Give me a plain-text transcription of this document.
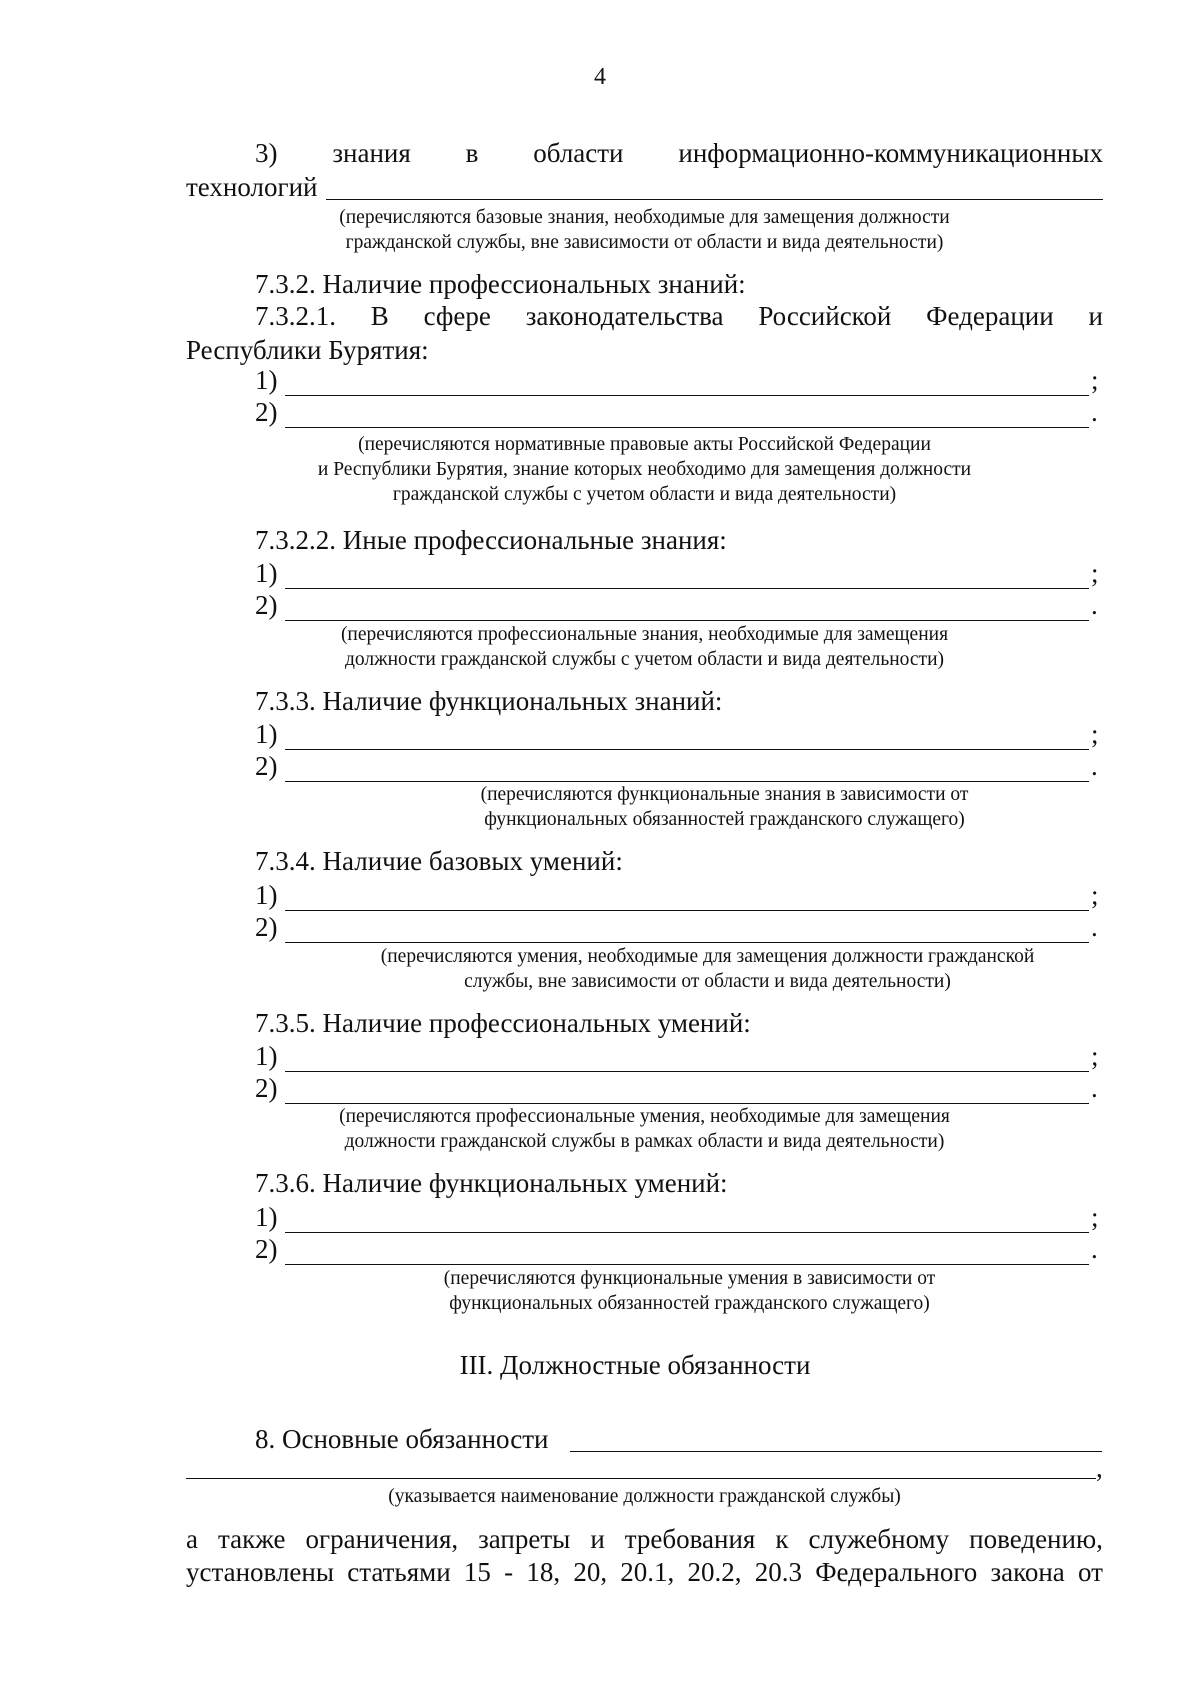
4
3) знания в области информационно-коммуникационных
технологий
(перечисляются базовые знания, необходимые для замещения должности
гражданской службы, вне зависимости от области и вида деятельности)
7.3.2. Наличие профессиональных знаний:
7.3.2.1. В сфере законодательства Российской Федерации и
Республики Бурятия:
1)	;
2)	.
(перечисляются нормативные правовые акты Российской Федерации
и Республики Бурятия, знание которых необходимо для замещения должности
гражданской службы с учетом области и вида деятельности)
7.3.2.2. Иные профессиональные знания:
1)	;
2)	.
(перечисляются профессиональные знания, необходимые для замещения
должности гражданской службы с учетом области и вида деятельности)
7.3.3. Наличие функциональных знаний:
1)	;
2)	.
(перечисляются функциональные знания в зависимости от
функциональных обязанностей гражданского служащего)
7.3.4. Наличие базовых умений:
1)	;
2)	.
(перечисляются умения, необходимые для замещения должности гражданской
службы, вне зависимости от области и вида деятельности)
7.3.5. Наличие профессиональных умений:
1)	;
2)	.
(перечисляются профессиональные умения, необходимые для замещения
должности гражданской службы в рамках области и вида деятельности)
7.3.6. Наличие функциональных умений:
1)	;
2)	.
(перечисляются функциональные умения в зависимости от
функциональных обязанностей гражданского служащего)
III. Должностные обязанности
8. Основные обязанности
,
(указывается наименование должности гражданской службы)
а также ограничения, запреты и требования к служебному поведению,
установлены статьями 15 - 18, 20, 20.1, 20.2, 20.3 Федерального закона от
